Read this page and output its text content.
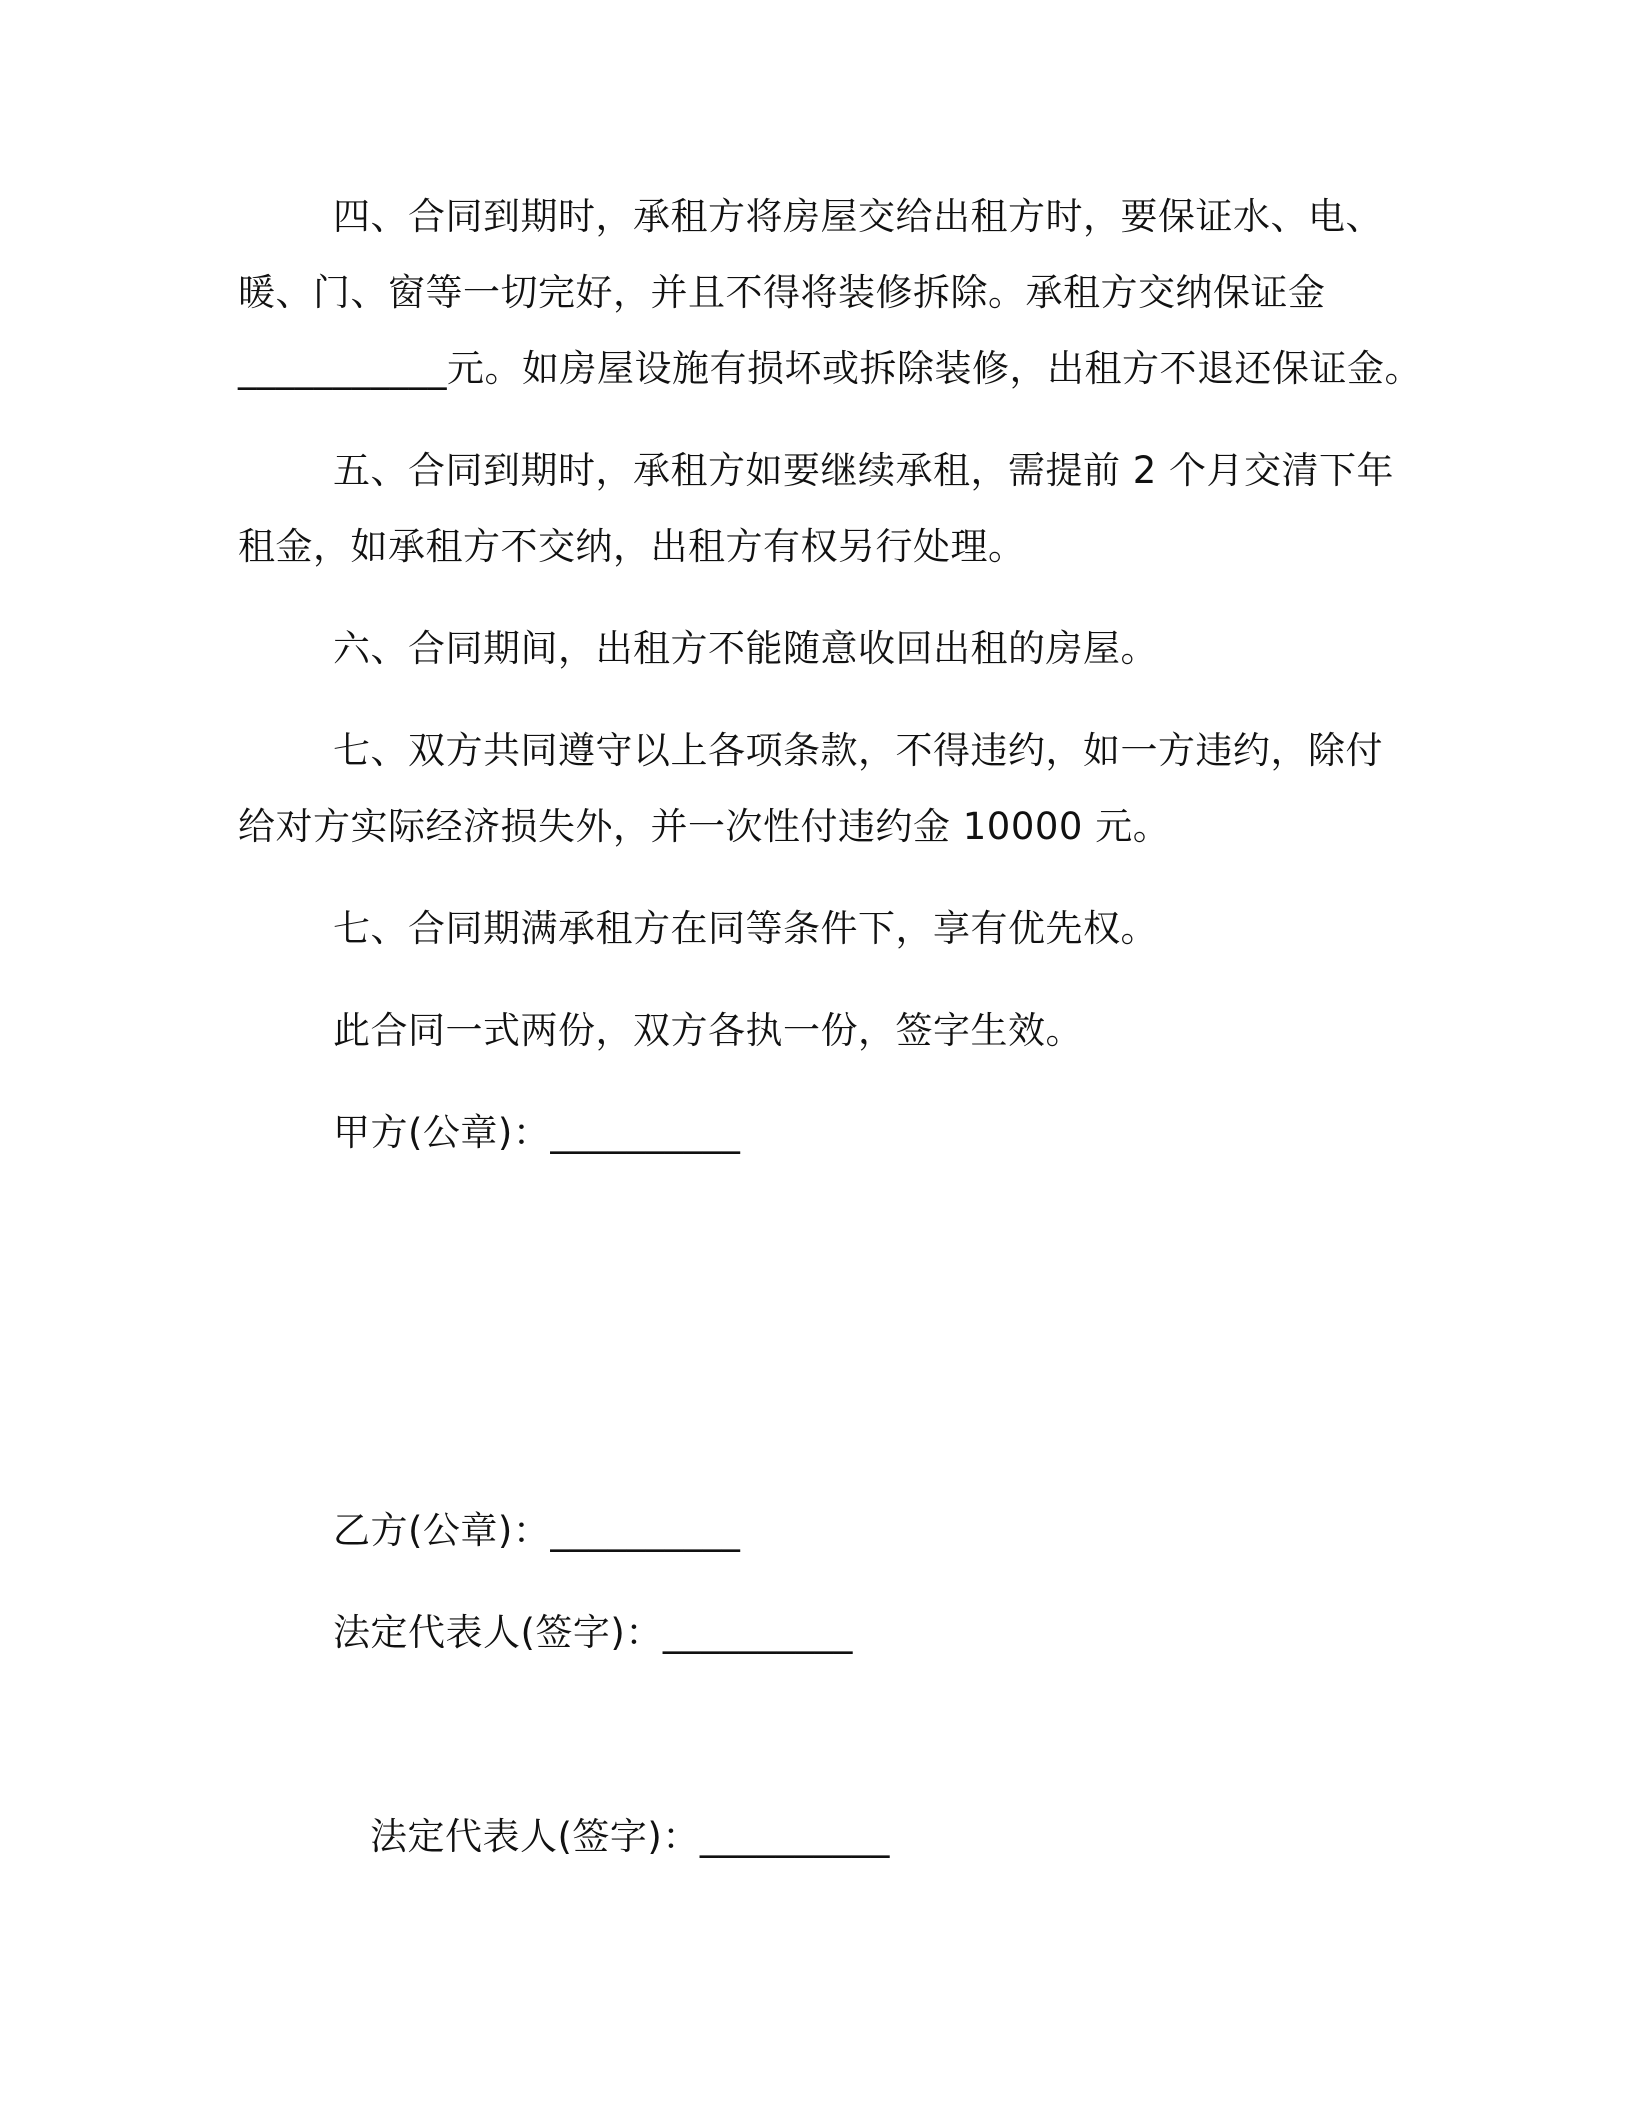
四、合同到期时，承租方将房屋交给出租方时，要保证水、电、
暖、门、窗等一切完好，并且不得将装修拆除。承租方交纳保证金
___________元。如房屋设施有损坏或拆除装修，出租方不退还保证金。
五、合同到期时，承租方如要继续承租，需提前 2 个月交清下年
租金，如承租方不交纳，出租方有权另行处理。
六、合同期间，出租方不能随意收回出租的房屋。
七、双方共同遵守以上各项条款，不得违约，如一方违约，除付
给对方实际经济损失外，并一次性付违约金 10000 元。
七、合同期满承租方在同等条件下，享有优先权。
此合同一式两份，双方各执一份，签字生效。
甲方(公章)：__________
乙方(公章)：__________
法定代表人(签字)：__________
法定代表人(签字)：__________
